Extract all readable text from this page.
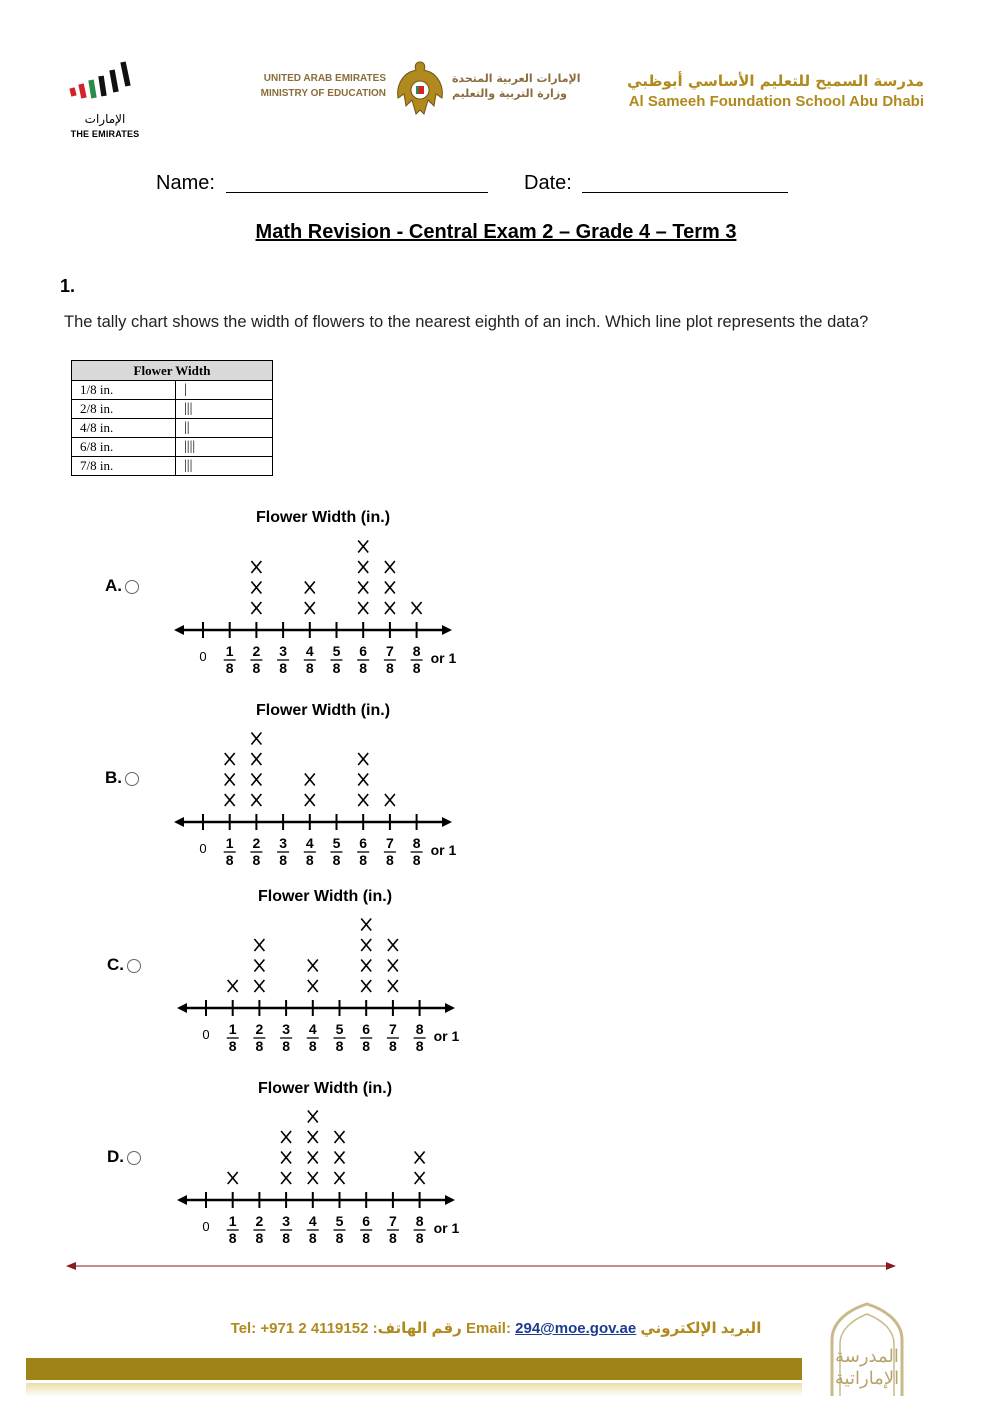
الإمارات
THE EMIRATES
UNITED ARAB EMIRATES
MINISTRY OF EDUCATION
الإمارات العربية المتحدة
وزارة التربية والتعليم
مدرسة السميح للتعليم الأساسي أبوظبي
Al Sameeh Foundation School Abu Dhabi
Name:	Date:
Math Revision - Central Exam 2 – Grade 4 – Term 3
1.
The tally chart shows the width of flowers to the nearest eighth of an inch. Which line plot represents the data?
Flower Width	
1/8 in.	|
2/8 in.	|||
4/8 in.	||
6/8 in.	||||
7/8 in.	|||
A.
Flower Width (in.)
0 1
8
2
8
3
8
4
8
5
8
6
8
7
8
8
8
or 1
B.
Flower Width (in.)
0 1
8
2
8
3
8
4
8
5
8
6
8
7
8
8
8
or 1
C.
Flower Width (in.)
0 1
8
2
8
3
8
4
8
5
8
6
8
7
8
8
8
or 1
D.
Flower Width (in.)
0 1
8
2
8
3
8
4
8
5
8
6
8
7
8
8
8
or 1
Tel: +971 2 4119152 رقم الهاتف: Email: 294@moe.gov.ae البريد الإلكتروني
المدرسة
الإماراتية
